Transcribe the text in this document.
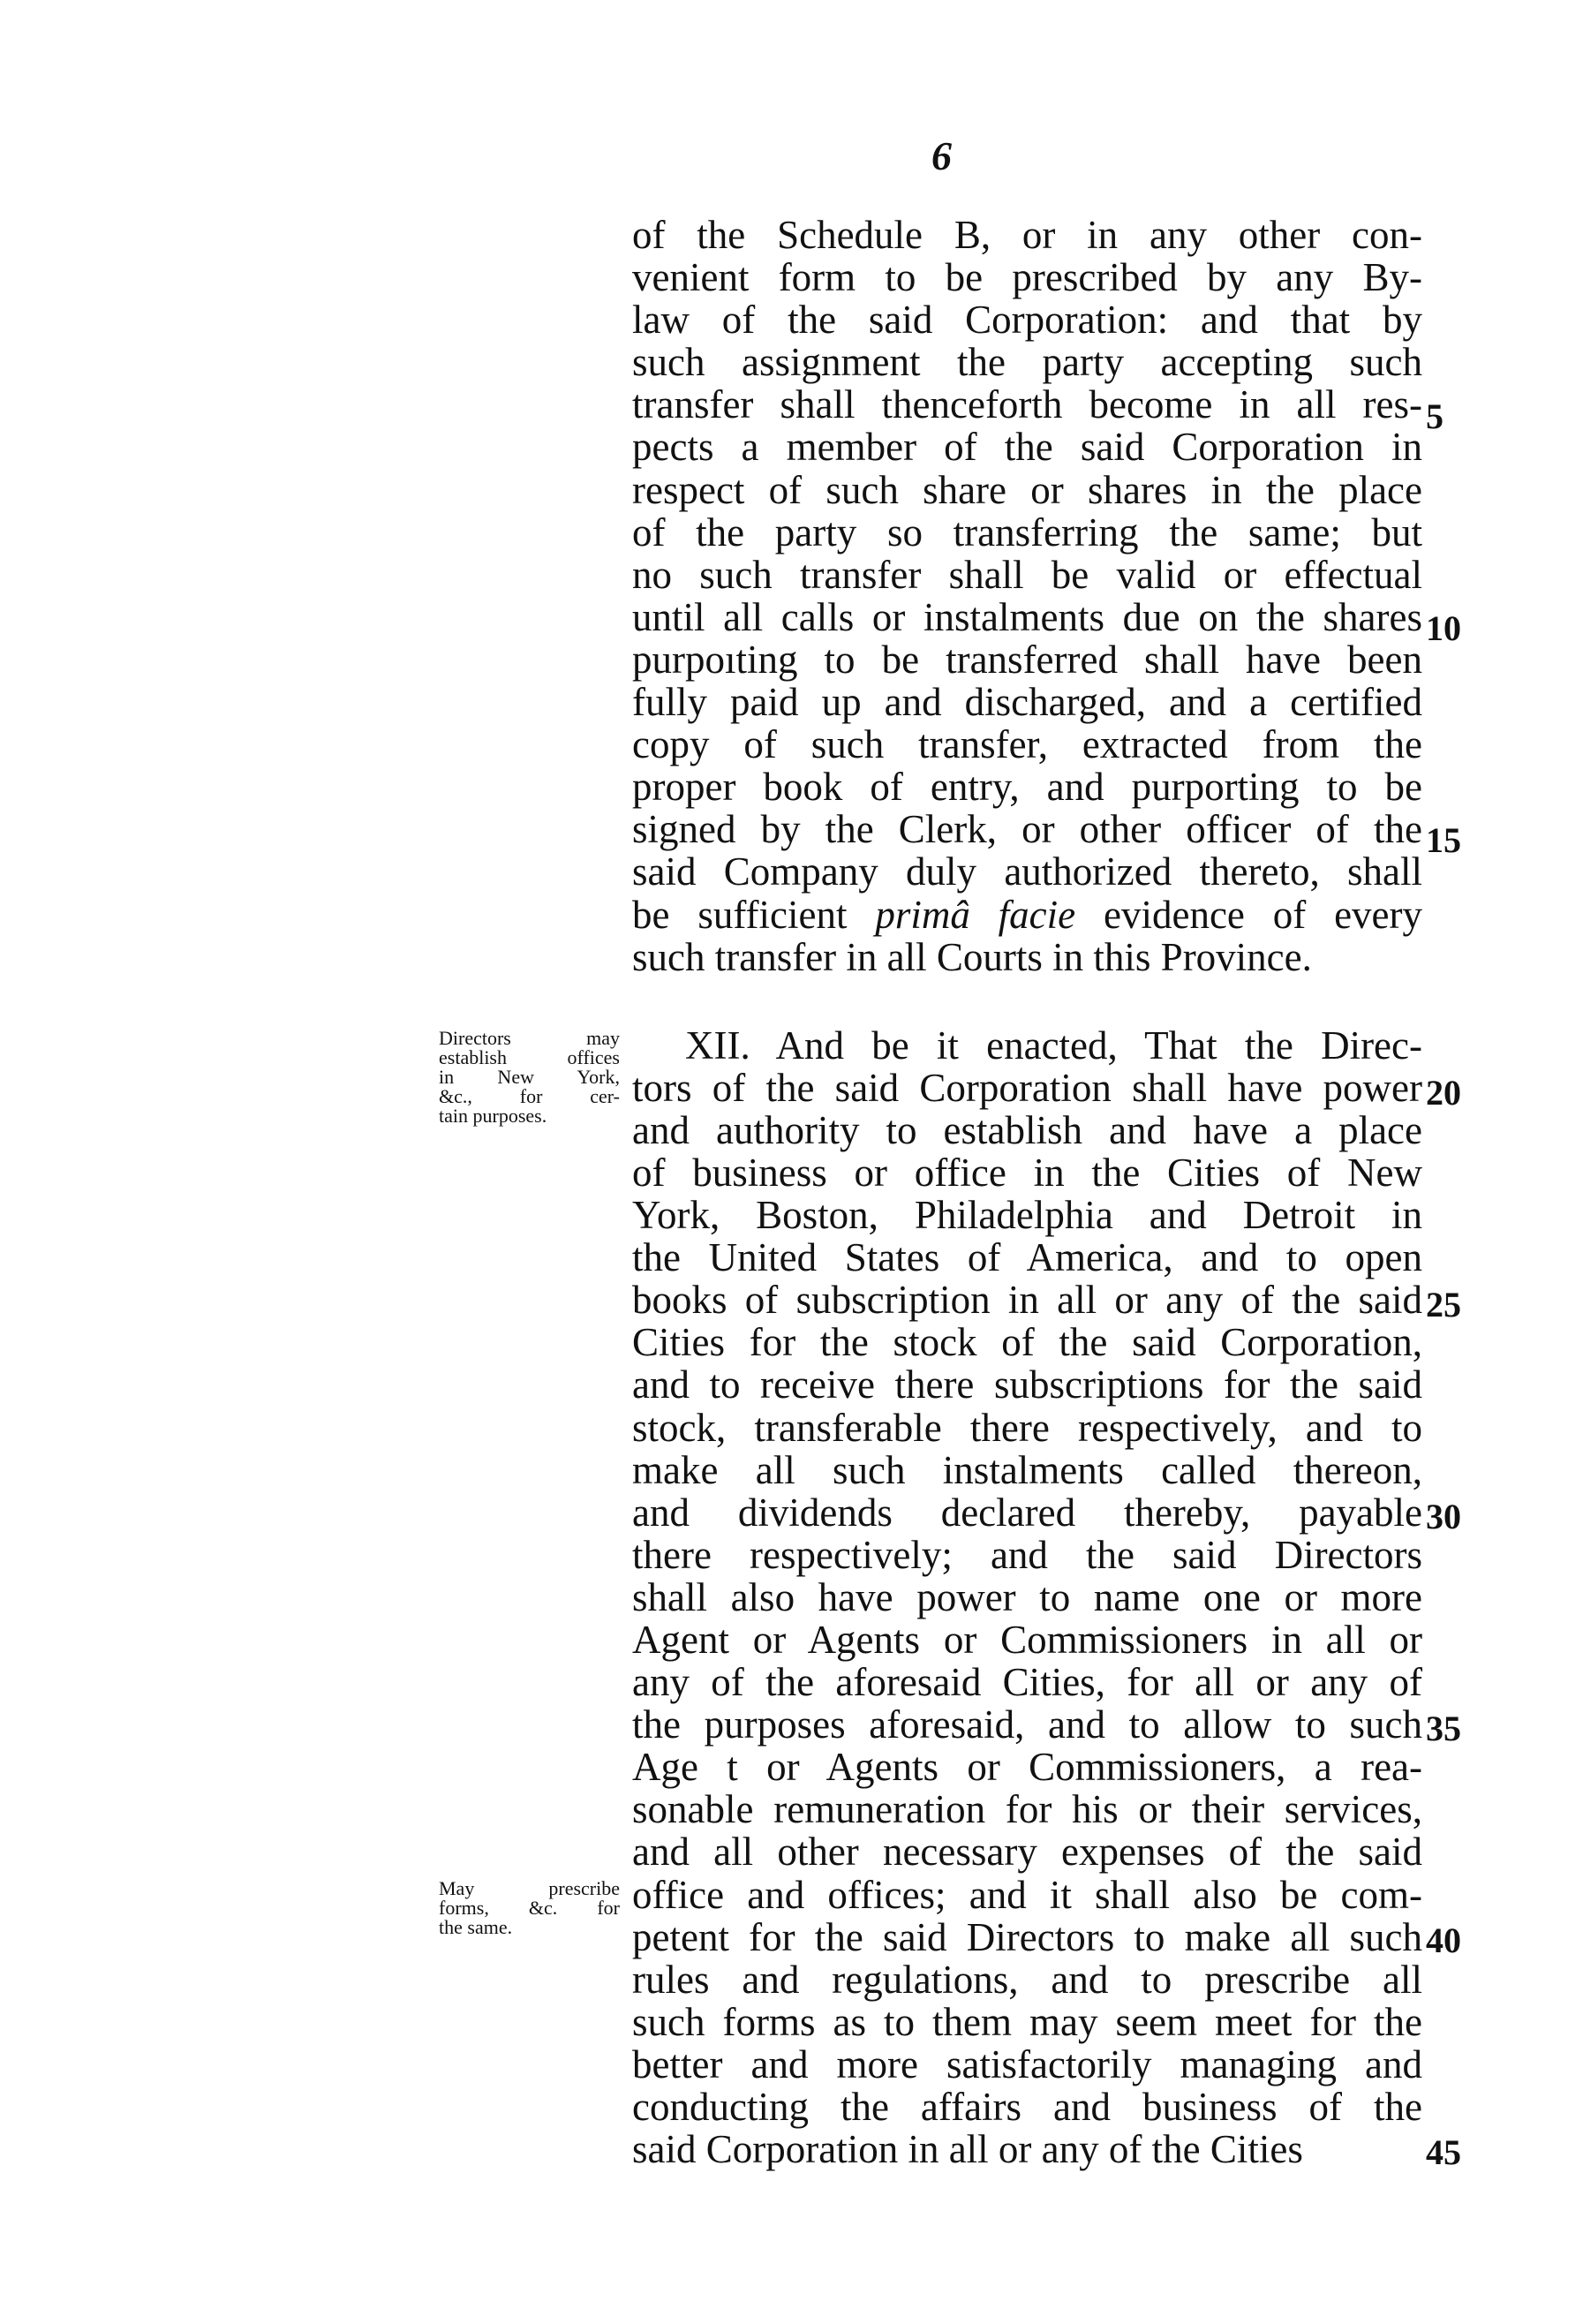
6
of the Schedule B, or in any other con-
venient form to be prescribed by any By-
law of the said Corporation: and that by
such assignment the party accepting such
transfer shall thenceforth become in all res-
pects a member of the said Corporation in
respect of such share or shares in the place
of the party so transferring the same; but
no such transfer shall be valid or effectual
until all calls or instalments due on the shares
purpoıting to be transferred shall have been
fully paid up and discharged, and a certified
copy of such transfer, extracted from the
proper book of entry, and purporting to be
signed by the Clerk, or other officer of the
said Company duly authorized thereto, shall
be sufficient primâ facie evidence of every
such transfer in all Courts in this Province.
XII. And be it enacted, That the Direc-
tors of the said Corporation shall have power
and authority to establish and have a place
of business or office in the Cities of New
York, Boston, Philadelphia and Detroit in
the United States of America, and to open
books of subscription in all or any of the said
Cities for the stock of the said Corporation,
and to receive there subscriptions for the said
stock, transferable there respectively, and to
make all such instalments called thereon,
and dividends declared thereby, payable
there respectively; and the said Directors
shall also have power to name one or more
Agent or Agents or Commissioners in all or
any of the aforesaid Cities, for all or any of
the purposes aforesaid, and to allow to such
Age t or Agents or Commissioners, a rea-
sonable remuneration for his or their services,
and all other necessary expenses of the said
office and offices; and it shall also be com-
petent for the said Directors to make all such
rules and regulations, and to prescribe all
such forms as to them may seem meet for the
better and more satisfactorily managing and
conducting the affairs and business of the
said Corporation in all or any of the Cities
5
10
15
20
25
30
35
40
45
Directors may
establish offices
in New York,
&c., for cer-
tain purposes.
May prescribe
forms, &c. for
the same.
